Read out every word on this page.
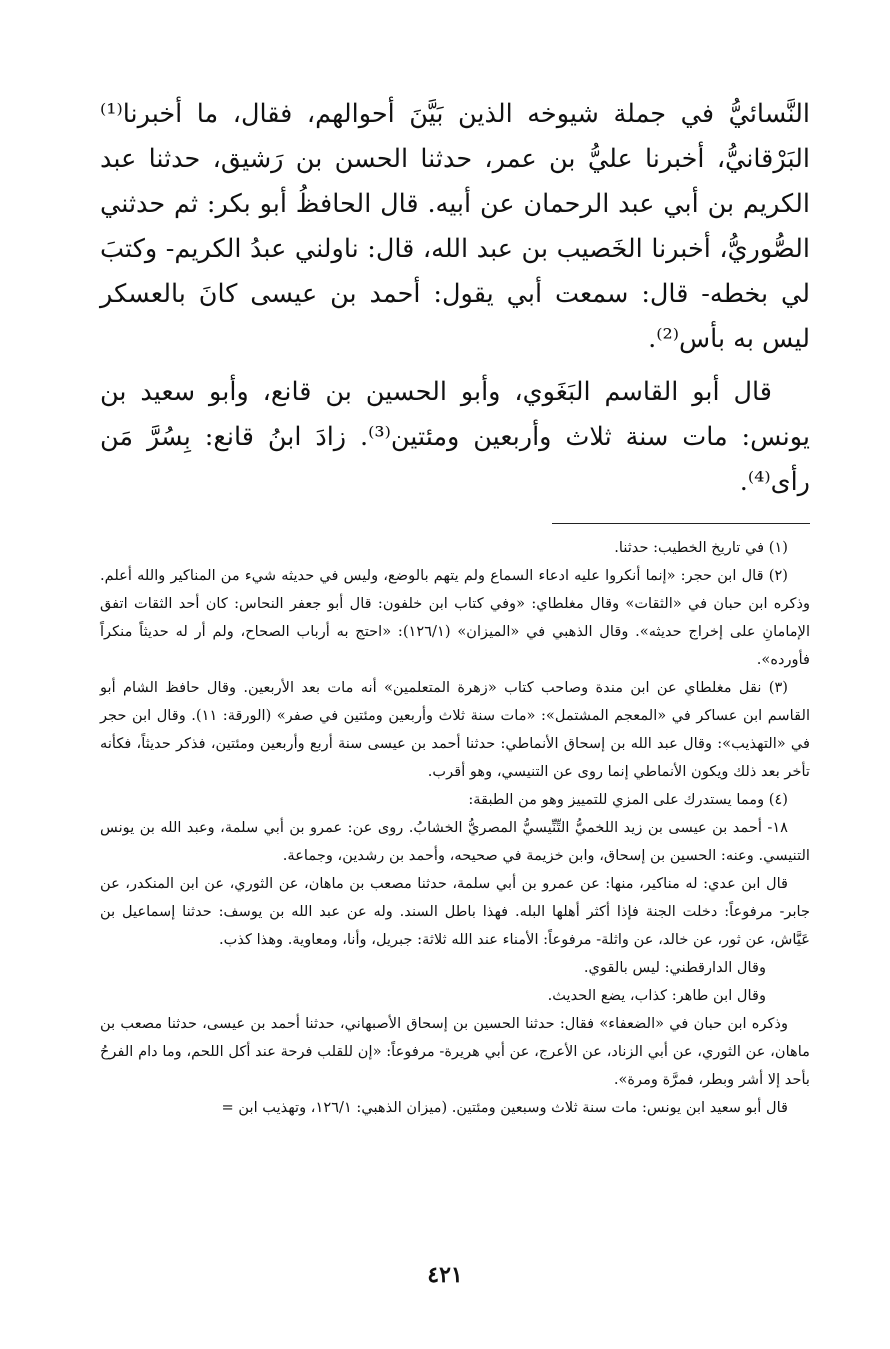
النَّسائيُّ في جملة شيوخه الذين بَيَّنَ أحوالهم، فقال، ما أخبرنا⁽¹⁾ البَرْقانيُّ، أخبرنا عليُّ بن عمر، حدثنا الحسن بن رَشيق، حدثنا عبد الكريم بن أبي عبد الرحمان عن أبيه. قال الحافظُ أبو بكر: ثم حدثني الصُّوريُّ، أخبرنا الخَصيب بن عبد الله، قال: ناولني عبدُ الكريم- وكتبَ لي بخطه- قال: سمعت أبي يقول: أحمد بن عيسى كانَ بالعسكر ليس به بأس⁽²⁾.

قال أبو القاسم البَغَوي، وأبو الحسين بن قانع، وأبو سعيد بن يونس: مات سنة ثلاث وأربعين ومئتين⁽³⁾. زادَ ابنُ قانع: بِسُرَّ مَن رأى⁽⁴⁾.

(١) في تاريخ الخطيب: حدثنا.

(٢) قال ابن حجر: «إنما أنكروا عليه ادعاء السماع ولم يتهم بالوضع، وليس في حديثه شيء من المناكير والله أعلم. وذكره ابن حبان في «الثقات» وقال مغلطاي: «وفي كتاب ابن خلفون: قال أبو جعفر النحاس: كان أحد الثقات اتفق الإمامانِ على إخراج حديثه». وقال الذهبي في «الميزان» (١٢٦/١): «احتج به أرباب الصحاح، ولم أر له حديثاً منكراً فأورده».

(٣) نقل مغلطاي عن ابن مندة وصاحب كتاب «زهرة المتعلمين» أنه مات بعد الأربعين. وقال حافظ الشام أبو القاسم ابن عساكر في «المعجم المشتمل»: «مات سنة ثلاث وأربعين ومئتين في صفر» (الورقة: ١١). وقال ابن حجر في «التهذيب»: وقال عبد الله بن إسحاق الأنماطي: حدثنا أحمد بن عيسى سنة أربع وأربعين ومئتين، فذكر حديثاً، فكأنه تأخر بعد ذلك ويكون الأنماطي إنما روى عن التنيسي، وهو أقرب.

(٤) ومما يستدرك على المزي للتمييز وهو من الطبقة:

١٨- أحمد بن عيسى بن زيد اللخميُّ التِّنِّيسيُّ المصريُّ الخشابُ. روى عن: عمرو بن أبي سلمة، وعبد الله بن يونس التنيسي. وعنه: الحسين بن إسحاق، وابن خزيمة في صحيحه، وأحمد بن رشدين، وجماعة.

قال ابن عدي: له مناكير، منها: عن عمرو بن أبي سلمة، حدثنا مصعب بن ماهان، عن الثوري، عن ابن المنكدر، عن جابر- مرفوعاً: دخلت الجنة فإذا أكثر أهلها البله. فهذا باطل السند. وله عن عبد الله بن يوسف: حدثنا إسماعيل بن عَيَّاش، عن ثور، عن خالد، عن واثلة- مرفوعاً: الأمناء عند الله ثلاثة: جبريل، وأنا، ومعاوية. وهذا كذب.

وقال الدارقطني: ليس بالقوي.

وقال ابن طاهر: كذاب، يضع الحديث.

وذكره ابن حبان في «الضعفاء» فقال: حدثنا الحسين بن إسحاق الأصبهاني، حدثنا أحمد بن عيسى، حدثنا مصعب بن ماهان، عن الثوري، عن أبي الزناد، عن الأعرج، عن أبي هريرة- مرفوعاً: «إن للقلب فرحة عند أكل اللحم، وما دام الفرحُ بأحد إلا أشر وبطر، فمرَّة ومرة».

قال أبو سعيد ابن يونس: مات سنة ثلاث وسبعين ومئتين. (ميزان الذهبي: ١٢٦/١، وتهذيب ابن =

٤٢١
